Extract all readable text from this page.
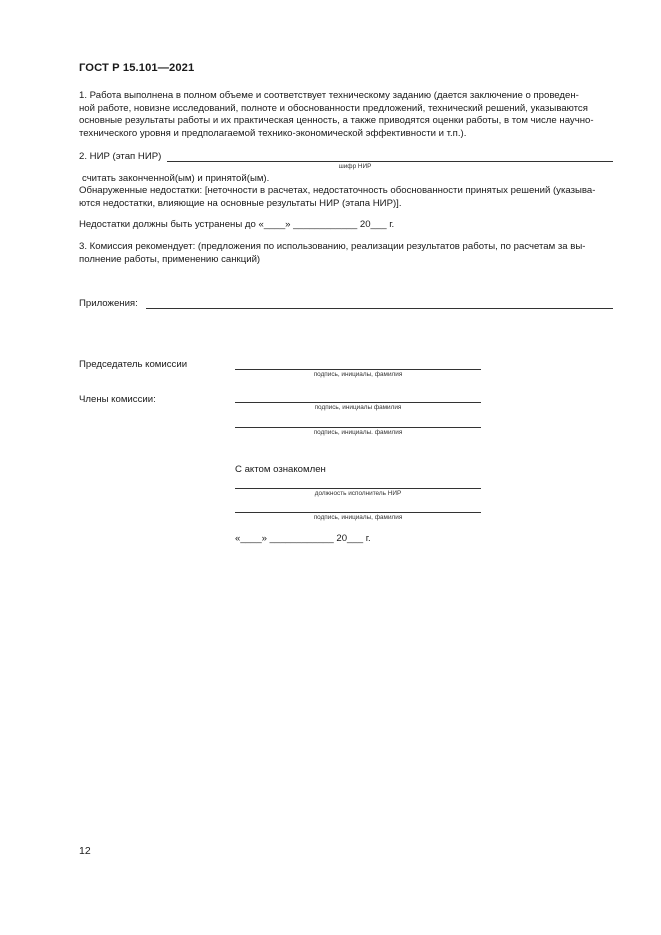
ГОСТ Р 15.101—2021
1. Работа выполнена в полном объеме и соответствует техническому заданию (дается заключение о проведен-
ной работе, новизне исследований, полноте и обоснованности предложений, технический решений, указываются
основные результаты работы и их практическая ценность, а также приводятся оценки работы, в том числе научно-
технического уровня и предполагаемой технико-экономической эффективности и т.п.).
2. НИР (этап НИР)
шифр НИР
считать законченной(ым) и принятой(ым).
Обнаруженные недостатки: [неточности в расчетах, недостаточность обоснованности принятых решений (указыва-
ются недостатки, влияющие на основные результаты НИР (этапа НИР)].
Недостатки должны быть устранены до «____» ____________ 20___ г.
3. Комиссия рекомендует: (предложения по использованию, реализации результатов работы, по расчетам за вы-
полнение работы, применению санкций)
Приложения:
Председатель комиссии
подпись, инициалы, фамилия
Члены комиссии:
подпись, инициалы фамилия
подпись, инициалы. фамилия
С актом ознакомлен
должность исполнитель НИР
подпись, инициалы, фамилия
«____» ____________ 20___ г.
12
